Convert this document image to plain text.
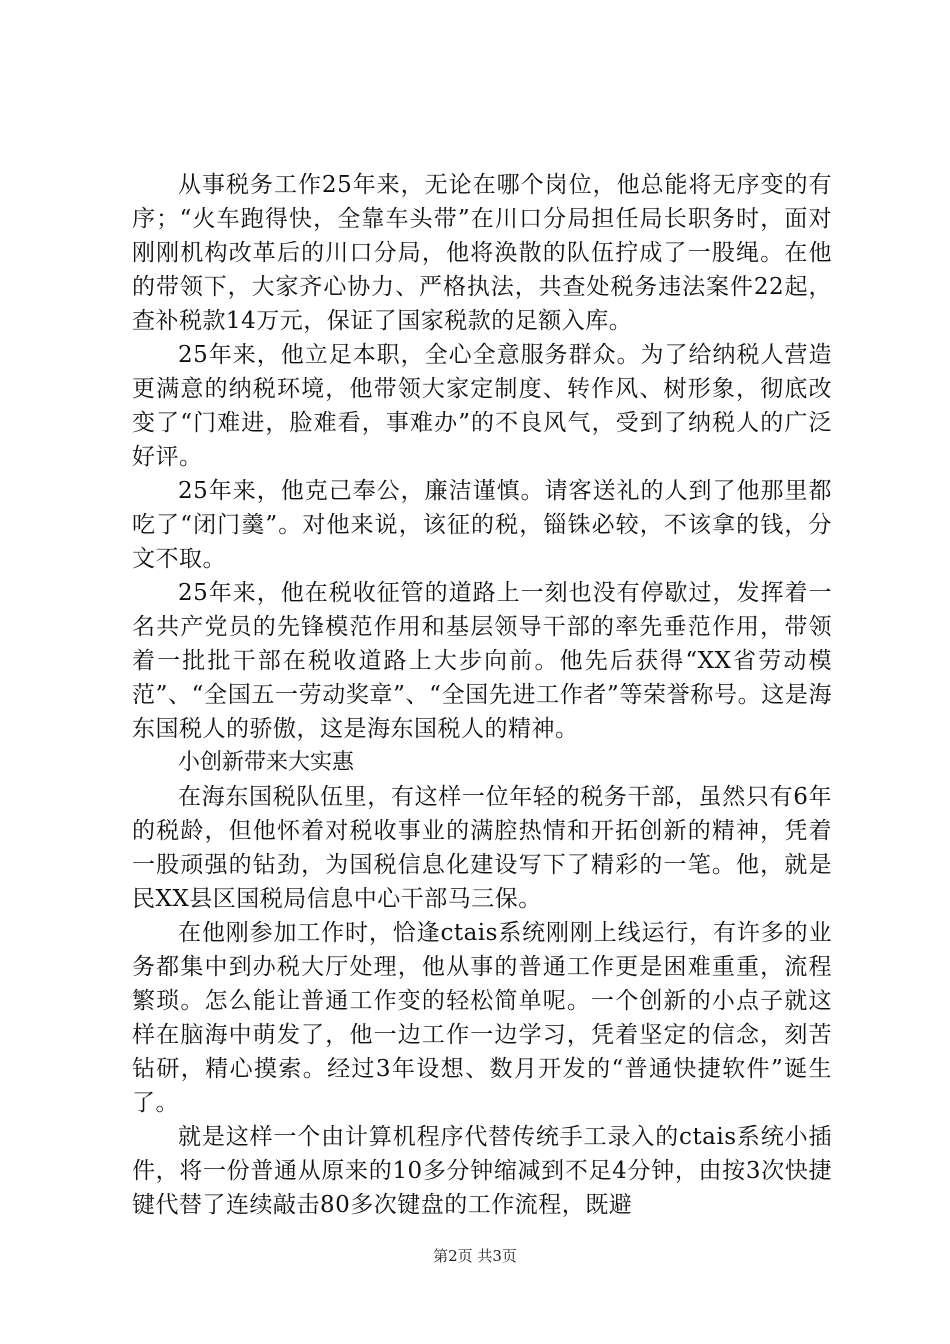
从事税务工作25年来，无论在哪个岗位，他总能将无序变的有序；“火车跑得快，全靠车头带”在川口分局担任局长职务时，面对刚刚机构改革后的川口分局，他将涣散的队伍拧成了一股绳。在他的带领下，大家齐心协力、严格执法，共查处税务违法案件22起，查补税款14万元，保证了国家税款的足额入库。

25年来，他立足本职，全心全意服务群众。为了给纳税人营造更满意的纳税环境，他带领大家定制度、转作风、树形象，彻底改变了“门难进，脸难看，事难办”的不良风气，受到了纳税人的广泛好评。

25年来，他克己奉公，廉洁谨慎。请客送礼的人到了他那里都吃了“闭门羹”。对他来说，该征的税，锱铢必较，不该拿的钱，分文不取。

25年来，他在税收征管的道路上一刻也没有停歇过，发挥着一名共产党员的先锋模范作用和基层领导干部的率先垂范作用，带领着一批批干部在税收道路上大步向前。他先后获得“XX省劳动模范”、“全国五一劳动奖章”、“全国先进工作者”等荣誉称号。这是海东国税人的骄傲，这是海东国税人的精神。

小创新带来大实惠

在海东国税队伍里，有这样一位年轻的税务干部，虽然只有6年的税龄，但他怀着对税收事业的满腔热情和开拓创新的精神，凭着一股顽强的钻劲，为国税信息化建设写下了精彩的一笔。他，就是民XX县区国税局信息中心干部马三保。

在他刚参加工作时，恰逢ctais系统刚刚上线运行，有许多的业务都集中到办税大厅处理，他从事的普通工作更是困难重重，流程繁琐。怎么能让普通工作变的轻松简单呢。一个创新的小点子就这样在脑海中萌发了，他一边工作一边学习，凭着坚定的信念，刻苦钻研，精心摸索。经过3年设想、数月开发的“普通快捷软件”诞生了。

就是这样一个由计算机程序代替传统手工录入的ctais系统小插件，将一份普通从原来的10多分钟缩减到不足4分钟，由按3次快捷键代替了连续敲击80多次键盘的工作流程，既避

第2页 共3页
